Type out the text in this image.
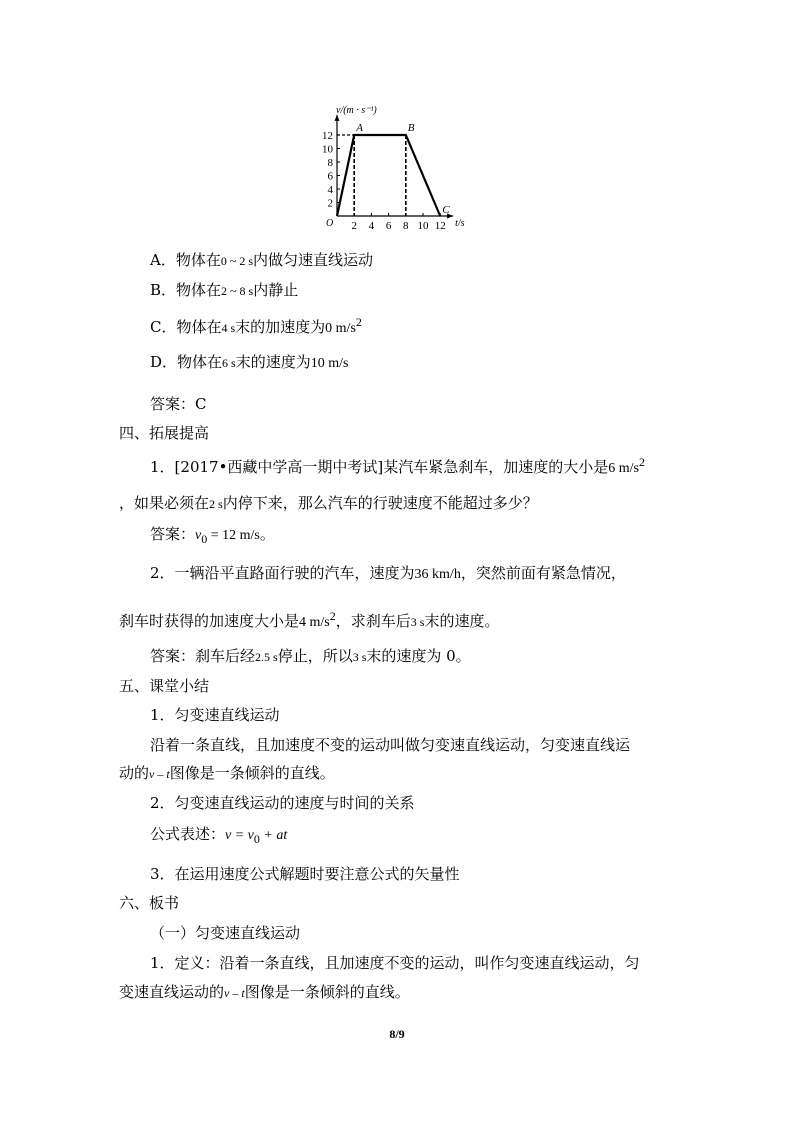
2 4 6 8 10 12
2
4
6
8
10
12
v/(m · s⁻¹)
t/s
O
A	B
C
A．物体在0 ~ 2 s内做匀速直线运动
B．物体在2 ~ 8 s内静止
C．物体在4 s末的加速度为0 $m/s^2$
D．物体在6 s末的速度为10 m/s
答案：C
四、拓展提高
1．[2017•西藏中学高一期中考试]某汽车紧急刹车，加速度的大小是6 $m/s^2$
，如果必须在2 s内停下来，那么汽车的行驶速度不能超过多少？
答案：$v_0 = 12$ m/s。
2．一辆沿平直路面行驶的汽车，速度为36 km/h，突然前面有紧急情况，
刹车时获得的加速度大小是4 $m/s^2$，求刹车后3 s末的速度。
答案：刹车后经2.5 s停止，所以3 s末的速度为 0。
五、课堂小结
1．匀变速直线运动
沿着一条直线，且加速度不变的运动叫做匀变速直线运动，匀变速直线运
动的v – t图像是一条倾斜的直线。
2．匀变速直线运动的速度与时间的关系
公式表述：$v = v_0$ + at
3．在运用速度公式解题时要注意公式的矢量性
六、板书
（一）匀变速直线运动
1．定义：沿着一条直线，且加速度不变的运动，叫作匀变速直线运动，匀
变速直线运动的v – t图像是一条倾斜的直线。
8/9
